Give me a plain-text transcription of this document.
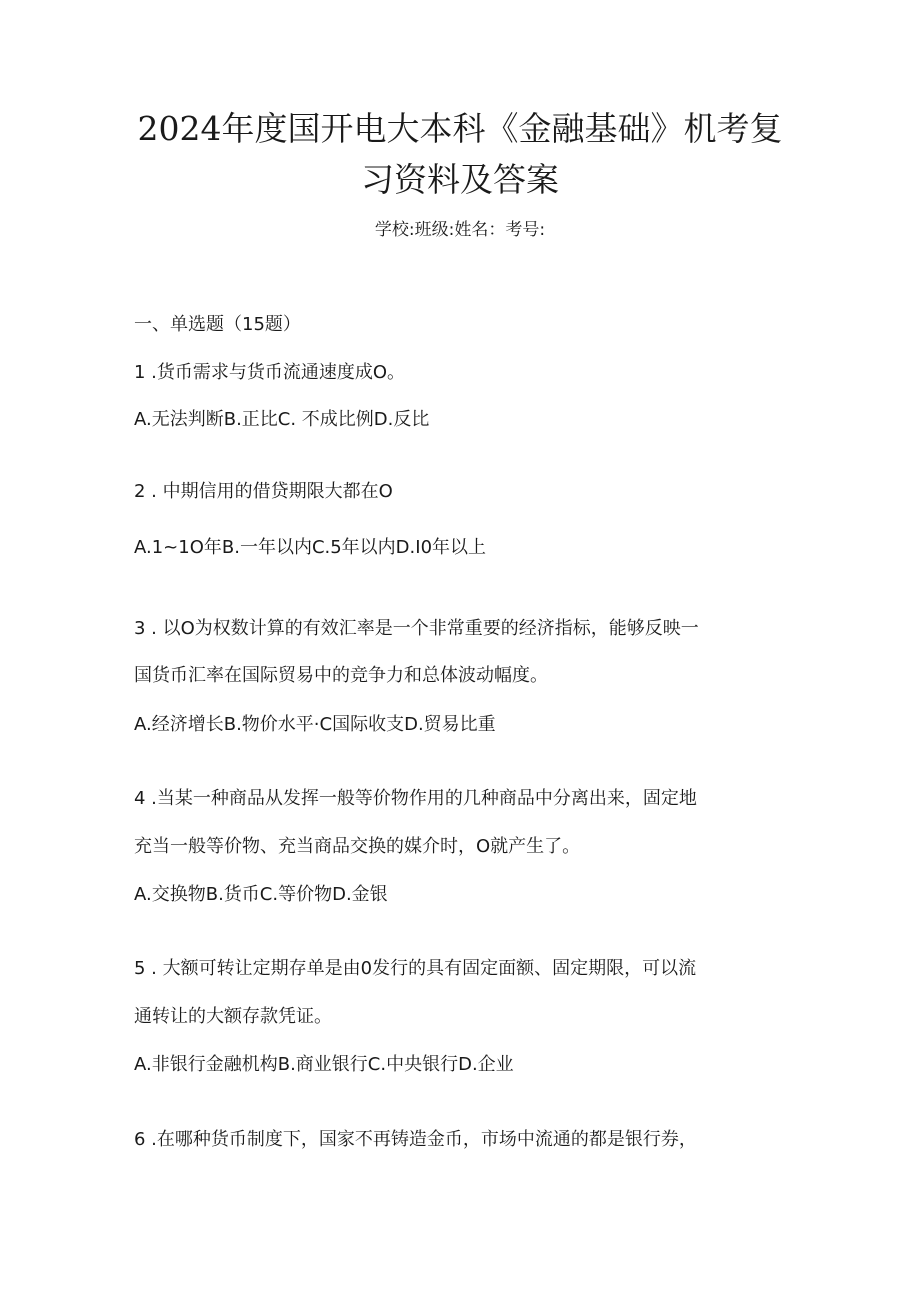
2024年度国开电大本科《金融基础》机考复
习资料及答案
学校:班级:姓名：考号:
一、单选题（15题）
1 .货币需求与货币流通速度成O。
A.无法判断B.正比C. 不成比例D.反比
2 . 中期信用的借贷期限大都在O
A.1~1O年B.一年以内C.5年以内D.I0年以上
3 . 以O为权数计算的有效汇率是一个非常重要的经济指标，能够反映一
国货币汇率在国际贸易中的竞争力和总体波动幅度。
A.经济增长B.物价水平·C国际收支D.贸易比重
4 .当某一种商品从发挥一般等价物作用的几种商品中分离出来，固定地
充当一般等价物、充当商品交换的媒介时，O就产生了。
A.交换物B.货币C.等价物D.金银
5 . 大额可转让定期存单是由0发行的具有固定面额、固定期限，可以流
通转让的大额存款凭证。
A.非银行金融机构B.商业银行C.中央银行D.企业
6 .在哪种货币制度下，国家不再铸造金币，市场中流通的都是银行券，
